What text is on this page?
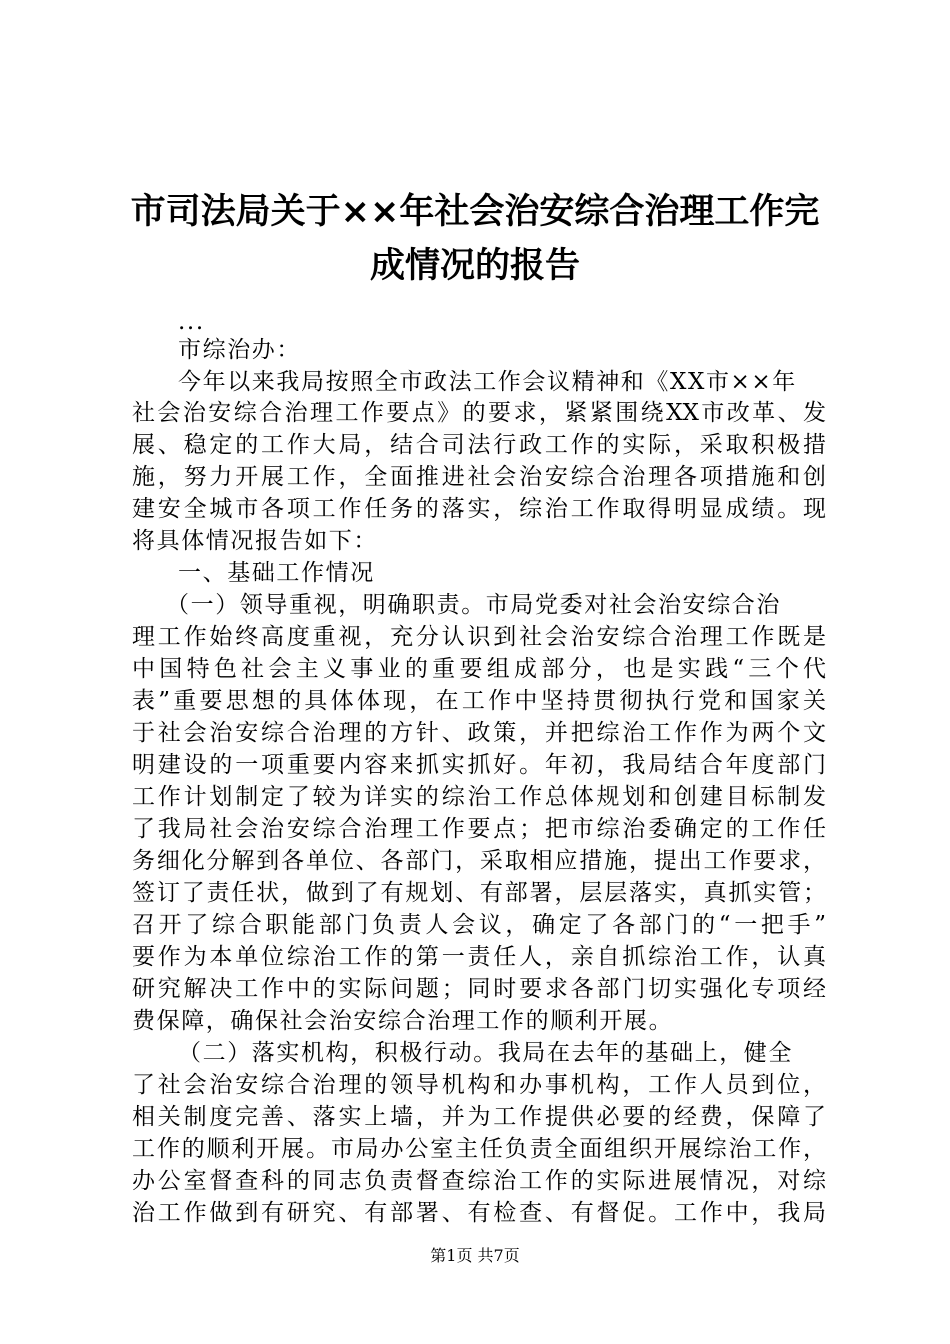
市司法局关于××年社会治安综合治理工作完
成情况的报告
...
市综治办：
今年以来我局按照全市政法工作会议精神和《XX市××年
社会治安综合治理工作要点》的要求，紧紧围绕XX市改革、发
展、稳定的工作大局，结合司法行政工作的实际，采取积极措
施，努力开展工作，全面推进社会治安综合治理各项措施和创
建安全城市各项工作任务的落实，综治工作取得明显成绩。现
将具体情况报告如下：
一、基础工作情况
（一）领导重视，明确职责。市局党委对社会治安综合治
理工作始终高度重视，充分认识到社会治安综合治理工作既是
中国特色社会主义事业的重要组成部分，也是实践“三个代
表”重要思想的具体体现，在工作中坚持贯彻执行党和国家关
于社会治安综合治理的方针、政策，并把综治工作作为两个文
明建设的一项重要内容来抓实抓好。年初，我局结合年度部门
工作计划制定了较为详实的综治工作总体规划和创建目标制发
了我局社会治安综合治理工作要点；把市综治委确定的工作任
务细化分解到各单位、各部门，采取相应措施，提出工作要求，
签订了责任状，做到了有规划、有部署，层层落实，真抓实管；
召开了综合职能部门负责人会议，确定了各部门的“一把手”
要作为本单位综治工作的第一责任人，亲自抓综治工作，认真
研究解决工作中的实际问题；同时要求各部门切实强化专项经
费保障，确保社会治安综合治理工作的顺利开展。
（二）落实机构，积极行动。我局在去年的基础上，健全
了社会治安综合治理的领导机构和办事机构，工作人员到位，
相关制度完善、落实上墙，并为工作提供必要的经费，保障了
工作的顺利开展。市局办公室主任负责全面组织开展综治工作，
办公室督查科的同志负责督查综治工作的实际进展情况，对综
治工作做到有研究、有部署、有检查、有督促。工作中，我局
第1页 共7页
